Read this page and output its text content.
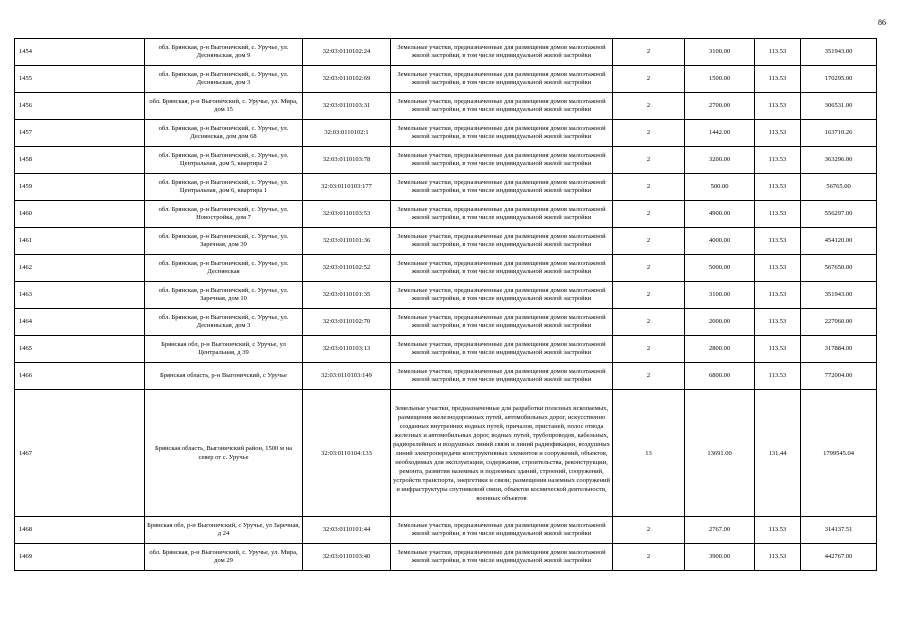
86
1454	обл. Брянская, р-н Выгоничский, с. Уручье, ул. Десняньская, дом 9	32:03:0110102:24	Земельные участки, предназначенные для размещения домов малоэтажной жилой застройки, в том числе индивидуальной жилой застройки	2	3100.00	113.53	351943.00
1455	обл. Брянская, р-н Выгоничский, с. Уручье, ул. Десняньская, дом 3	32:03:0110102:69	Земельные участки, предназначенные для размещения домов малоэтажной жилой застройки, в том числе индивидуальной жилой застройки	2	1500.00	113.53	170295.00
1456	обл. Брянская, р-н Выгоничский, с. Уручье, ул. Мира, дом 15	32:03:0110103:31	Земельные участки, предназначенные для размещения домов малоэтажной жилой застройки, в том числе индивидуальной жилой застройки	2	2700.00	113.53	306531.00
1457	обл. Брянская, р-н Выгоничский, с. Уручье, ул. Деснянская, дом дом 68	32:03:0110102:1	Земельные участки, предназначенные для размещения домов малоэтажной жилой застройки, в том числе индивидуальной жилой застройки	2	1442.00	113.53	163710.26
1458	обл. Брянская, р-н Выгоничский, с. Уручье, ул. Центральная, дом 5, квартира 2	32:03:0110103:78	Земельные участки, предназначенные для размещения домов малоэтажной жилой застройки, в том числе индивидуальной жилой застройки	2	3200.00	113.53	363296.00
1459	обл. Брянская, р-н Выгоничский, с. Уручье, ул. Центральная, дом 6, квартира 1	32:03:0110103:177	Земельные участки, предназначенные для размещения домов малоэтажной жилой застройки, в том числе индивидуальной жилой застройки	2	500.00	113.53	56765.00
1460	обл. Брянская, р-н Выгоничский, с. Уручье, ул. Новостройка, дом 7	32:03:0110103:53	Земельные участки, предназначенные для размещения домов малоэтажной жилой застройки, в том числе индивидуальной жилой застройки	2	4900.00	113.53	556297.00
1461	обл. Брянская, р-н Выгоничский, с. Уручье, ул. Заречная, дом 39	32:03:0110101:36	Земельные участки, предназначенные для размещения домов малоэтажной жилой застройки, в том числе индивидуальной жилой застройки	2	4000.00	113.53	454120.00
1462	обл. Брянская, р-н Выгоничский, с. Уручье, ул. Деснянская	32:03:0110102:52	Земельные участки, предназначенные для размещения домов малоэтажной жилой застройки, в том числе индивидуальной жилой застройки	2	5000.00	113.53	567650.00
1463	обл. Брянская, р-н Выгоничский, с. Уручье, ул. Заречная, дом 10	32:03:0110101:35	Земельные участки, предназначенные для размещения домов малоэтажной жилой застройки, в том числе индивидуальной жилой застройки	2	3100.00	113.53	351943.00
1464	обл. Брянская, р-н Выгоничский, с. Уручье, ул. Десняньская, дом 3	32:03:0110102:70	Земельные участки, предназначенные для размещения домов малоэтажной жилой застройки, в том числе индивидуальной жилой застройки	2	2000.00	113.53	227060.00
1465	Брянская обл, р-н Выгоничский, с Уручье, ул Центральная, д 39	32:03:0110103:13	Земельные участки, предназначенные для размещения домов малоэтажной жилой застройки, в том числе индивидуальной жилой застройки	2	2800.00	113.53	317884.00
1466	Брянская область, р-н Выгоничский, с Уручье	32:03:0110103:149	Земельные участки, предназначенные для размещения домов малоэтажной жилой застройки, в том числе индивидуальной жилой застройки	2	6800.00	113.53	772004.00
1467	Брянская область, Выгоничский район, 1500 м на север от с. Уручье	32:03:0110104:133	Земельные участки, предназначенные для разработки полезных ископаемых, размещения железнодорожных путей, автомобильных дорог, искусственно созданных внутренних водных путей, причалов, пристаней, полос отвода железных и автомобильных дорог, водных путей, трубопроводов, кабельных, радиорелейных и воздушных линий связи и линий радиофикации, воздушных линий электропередачи конструктивных элементов и сооружений, объектов, необходимых для эксплуатации, содержания, строительства, реконструкции, ремонта, развития наземных и подземных зданий, строений, сооружений, устройств транспорта, энергетики и связи; размещения наземных сооружений и инфраструктуры спутниковой связи, объектов космической деятельности, военных объектов	13	13691.00	131.44	1799545.04
1468	Брянская обл, р-н Выгоничский, с Уручье, ул Заречная, д 24	32:03:0110101:44	Земельные участки, предназначенные для размещения домов малоэтажной жилой застройки, в том числе индивидуальной жилой застройки	2	2767.00	113.53	314137.51
1469	обл. Брянская, р-н Выгоничский, с. Уручье, ул. Мира, дом 29	32:03:0110103:40	Земельные участки, предназначенные для размещения домов малоэтажной жилой застройки, в том числе индивидуальной жилой застройки	2	3900.00	113.53	442767.00
